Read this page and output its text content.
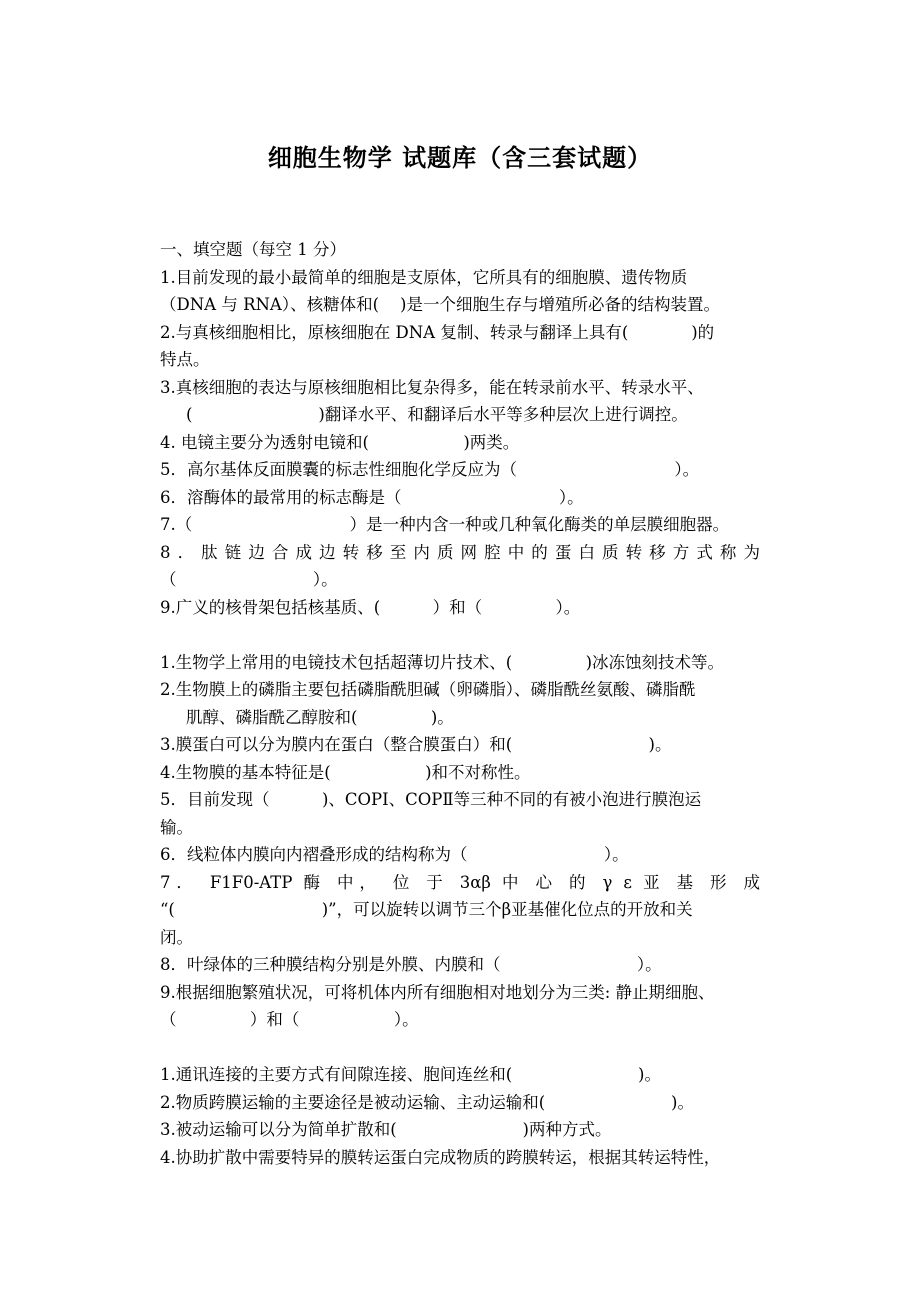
细胞生物学 试题库（含三套试题）
一、填空题（每空 1 分）
1.目前发现的最小最简单的细胞是支原体，它所具有的细胞膜、遗传物质
（DNA 与 RNA）、核糖体和(    )是一个细胞生存与增殖所必备的结构装置。
2.与真核细胞相比，原核细胞在 DNA 复制、转录与翻译上具有(            )的
特点。
3.真核细胞的表达与原核细胞相比复杂得多，能在转录前水平、转录水平、
(                        )翻译水平、和翻译后水平等多种层次上进行调控。
4. 电镜主要分为透射电镜和(                  )两类。
5．高尔基体反面膜囊的标志性细胞化学反应为（                              ）。
6．溶酶体的最常用的标志酶是（                              ）。
7.（                              ）是一种内含一种或几种氧化酶类的单层膜细胞器。
8．肽链边合成边转移至内质网腔中的蛋白质转移方式称为
（                          ）。
9.广义的核骨架包括核基质、(          ）和（              ）。
1.生物学上常用的电镜技术包括超薄切片技术、(              )冰冻蚀刻技术等。
2.生物膜上的磷脂主要包括磷脂酰胆碱（卵磷脂）、磷脂酰丝氨酸、磷脂酰
肌醇、磷脂酰乙醇胺和(              )。
3.膜蛋白可以分为膜内在蛋白（整合膜蛋白）和(                          )。
4.生物膜的基本特征是(                  )和不对称性。
5．目前发现（          )、COPⅠ、COPⅡ等三种不同的有被小泡进行膜泡运
输。
6．线粒体内膜向内褶叠形成的结构称为（                          ）。
7． F1F0-ATP 酶 中， 位 于 3αβ 中 心 的 γ ε 亚 基 形 成
“(                            )”，可以旋转以调节三个β亚基催化位点的开放和关
闭。
8．叶绿体的三种膜结构分别是外膜、内膜和（                          ）。
9.根据细胞繁殖状况，可将机体内所有细胞相对地划分为三类: 静止期细胞、
（              ）和（                  ）。
1.通讯连接的主要方式有间隙连接、胞间连丝和(                        )。
2.物质跨膜运输的主要途径是被动运输、主动运输和(                        )。
3.被动运输可以分为简单扩散和(                        )两种方式。
4.协助扩散中需要特异的膜转运蛋白完成物质的跨膜转运，根据其转运特性，
